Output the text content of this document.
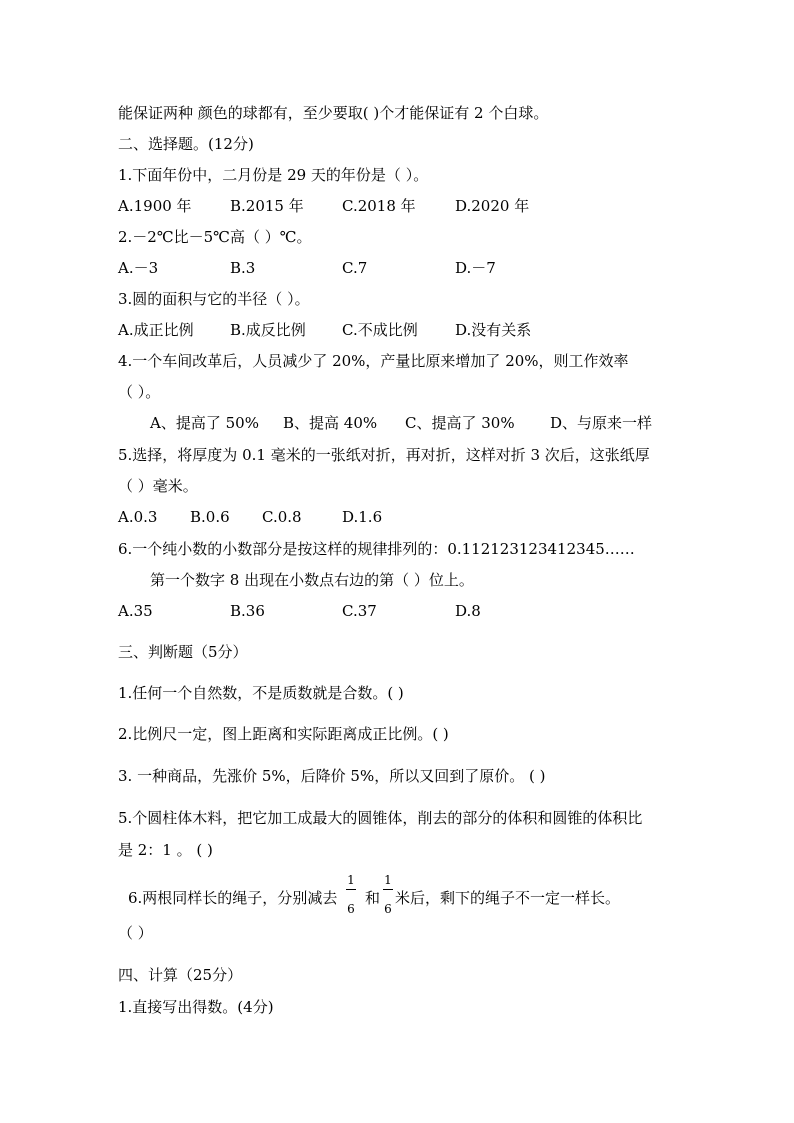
能保证两种 颜色的球都有，至少要取( )个才能保证有 2 个白球。
二、选择题。(12分)
1.下面年份中，二月份是 29 天的年份是（ ）。
A.1900 年	B.2015 年	C.2018 年	D.2020 年
2.－2℃比－5℃高（ ）℃。
A.－3	B.3	C.7	D.－7
3.圆的面积与它的半径（ ）。
A.成正比例 B.成反比例 C.不成比例 D.没有关系
4.一个车间改革后，人员减少了 20%，产量比原来增加了 20%，则工作效率
（ ）。
A、提高了 50% B、提高 40% C、提高了 30% D、与原来一样
5.选择，将厚度为 0.1 毫米的一张纸对折，再对折，这样对折 3 次后，这张纸厚
（ ）毫米。
A.0.3 B.0.6 C.0.8	D.1.6
6.一个纯小数的小数部分是按这样的规律排列的：0.112123123412345……
第一个数字 8 出现在小数点右边的第（ ）位上。
A.35	B.36	C.37	D.8
三、判断题（5分）
1.任何一个自然数，不是质数就是合数。( )
2.比例尺一定，图上距离和实际距离成正比例。( )
3. 一种商品，先涨价 5%，后降价 5%，所以又回到了原价。 ( )
5.个圆柱体木料，把它加工成最大的圆锥体，削去的部分的体积和圆锥的体积比
是 2：1 。 ( )
6.两根同样长的绳子，分别减去
1
6
和
1
6
米后，剩下的绳子不一定一样长。
（ ）
四、计算（25分）
1.直接写出得数。(4分)
